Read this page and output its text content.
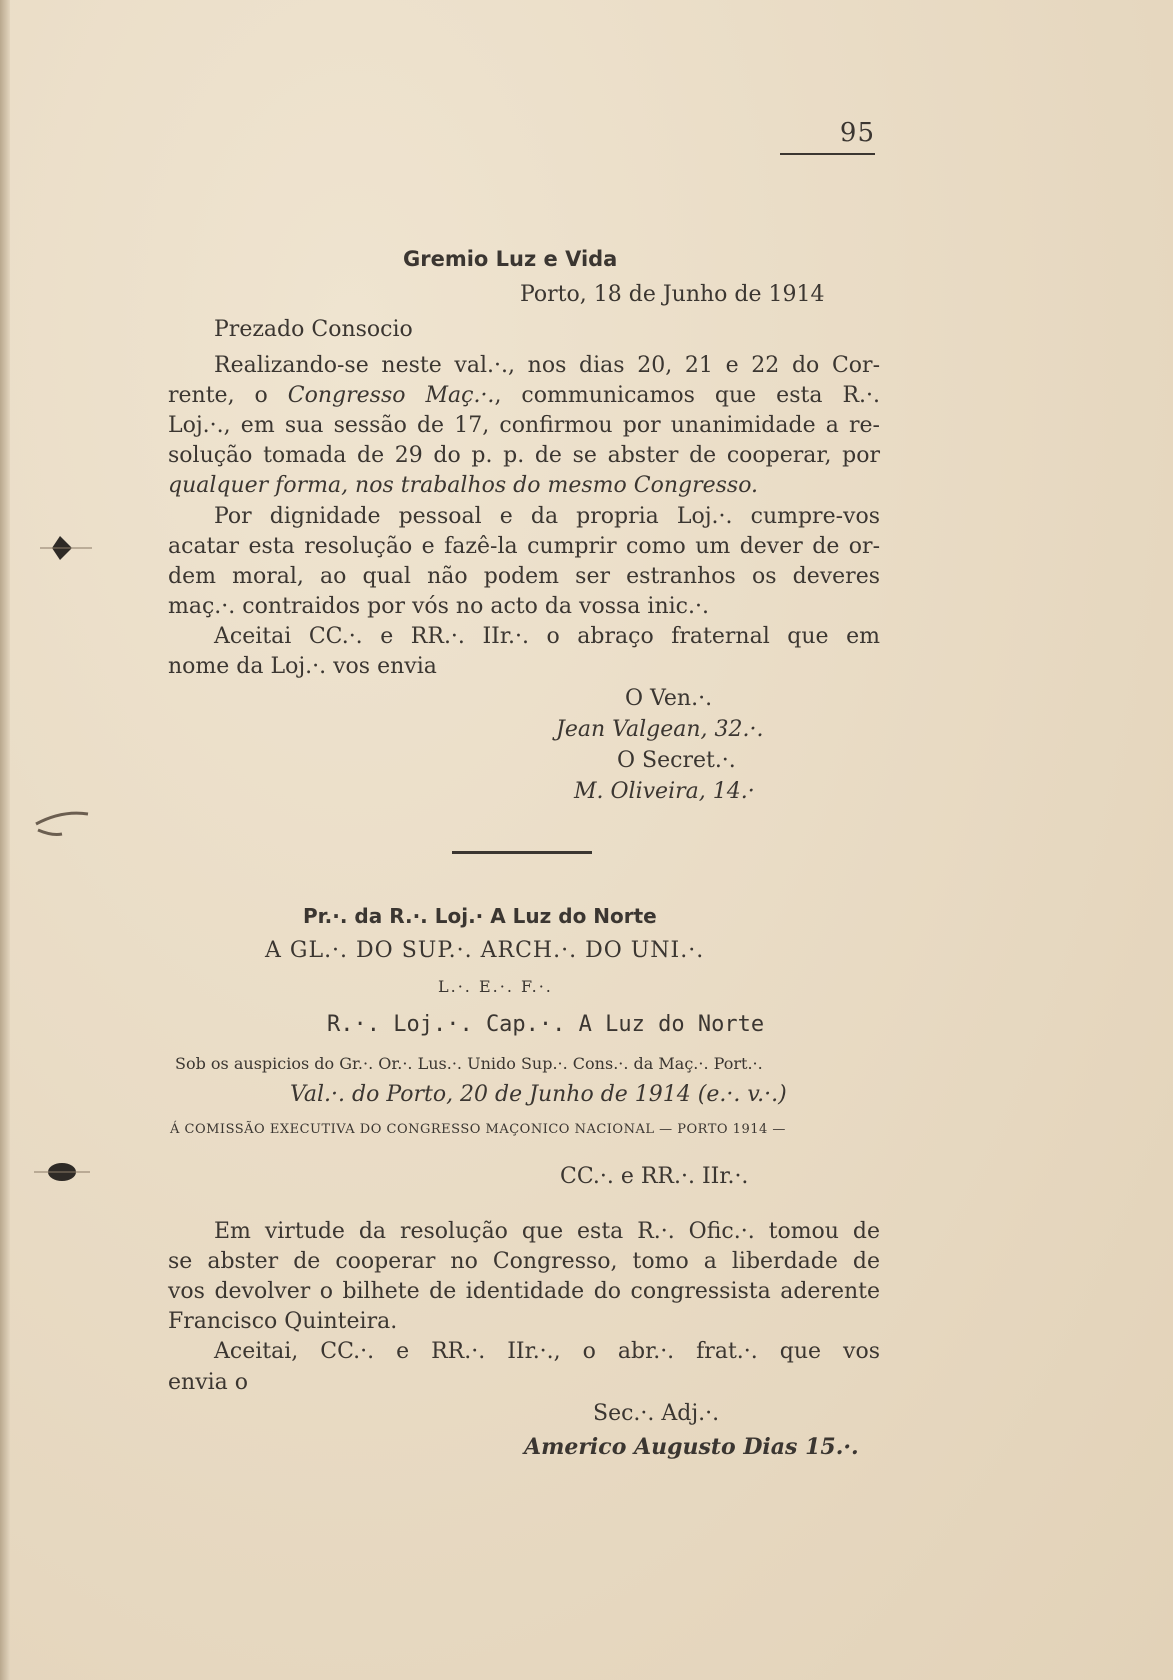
95
Gremio Luz e Vida
Porto, 18 de Junho de 1914
Prezado Consocio
Realizando-se neste val.·., nos dias 20, 21 e 22 do Cor-
rente, o Congresso Maç.·., communicamos que esta R.·.
Loj.·., em sua sessão de 17, confirmou por unanimidade a re-
solução tomada de 29 do p. p. de se abster de cooperar, por
qualquer forma, nos trabalhos do mesmo Congresso.
Por dignidade pessoal e da propria Loj.·. cumpre-vos
acatar esta resolução e fazê-la cumprir como um dever de or-
dem moral, ao qual não podem ser estranhos os deveres
maç.·. contraidos por vós no acto da vossa inic.·.
Aceitai CC.·. e RR.·. IIr.·. o abraço fraternal que em
nome da Loj.·. vos envia
O Ven.·.
Jean Valgean, 32.·.
O Secret.·.
M. Oliveira, 14.·
Pr.·. da R.·. Loj.· A Luz do Norte
A GL.·. DO SUP.·. ARCH.·. DO UNI.·.
L.·. E.·. F.·.
R.·. Loj.·. Cap.·. A Luz do Norte
Sob os auspicios do Gr.·. Or.·. Lus.·. Unido Sup.·. Cons.·. da Maç.·. Port.·.
Val.·. do Porto, 20 de Junho de 1914 (e.·. v.·.)
Á COMISSÃO EXECUTIVA DO CONGRESSO MAÇONICO NACIONAL — PORTO 1914 —
CC.·. e RR.·. IIr.·.
Em virtude da resolução que esta R.·. Ofic.·. tomou de
se abster de cooperar no Congresso, tomo a liberdade de
vos devolver o bilhete de identidade do congressista aderente
Francisco Quinteira.
Aceitai, CC.·. e RR.·. IIr.·., o abr.·. frat.·. que vos
envia o
Sec.·. Adj.·.
Americo Augusto Dias 15.·.
